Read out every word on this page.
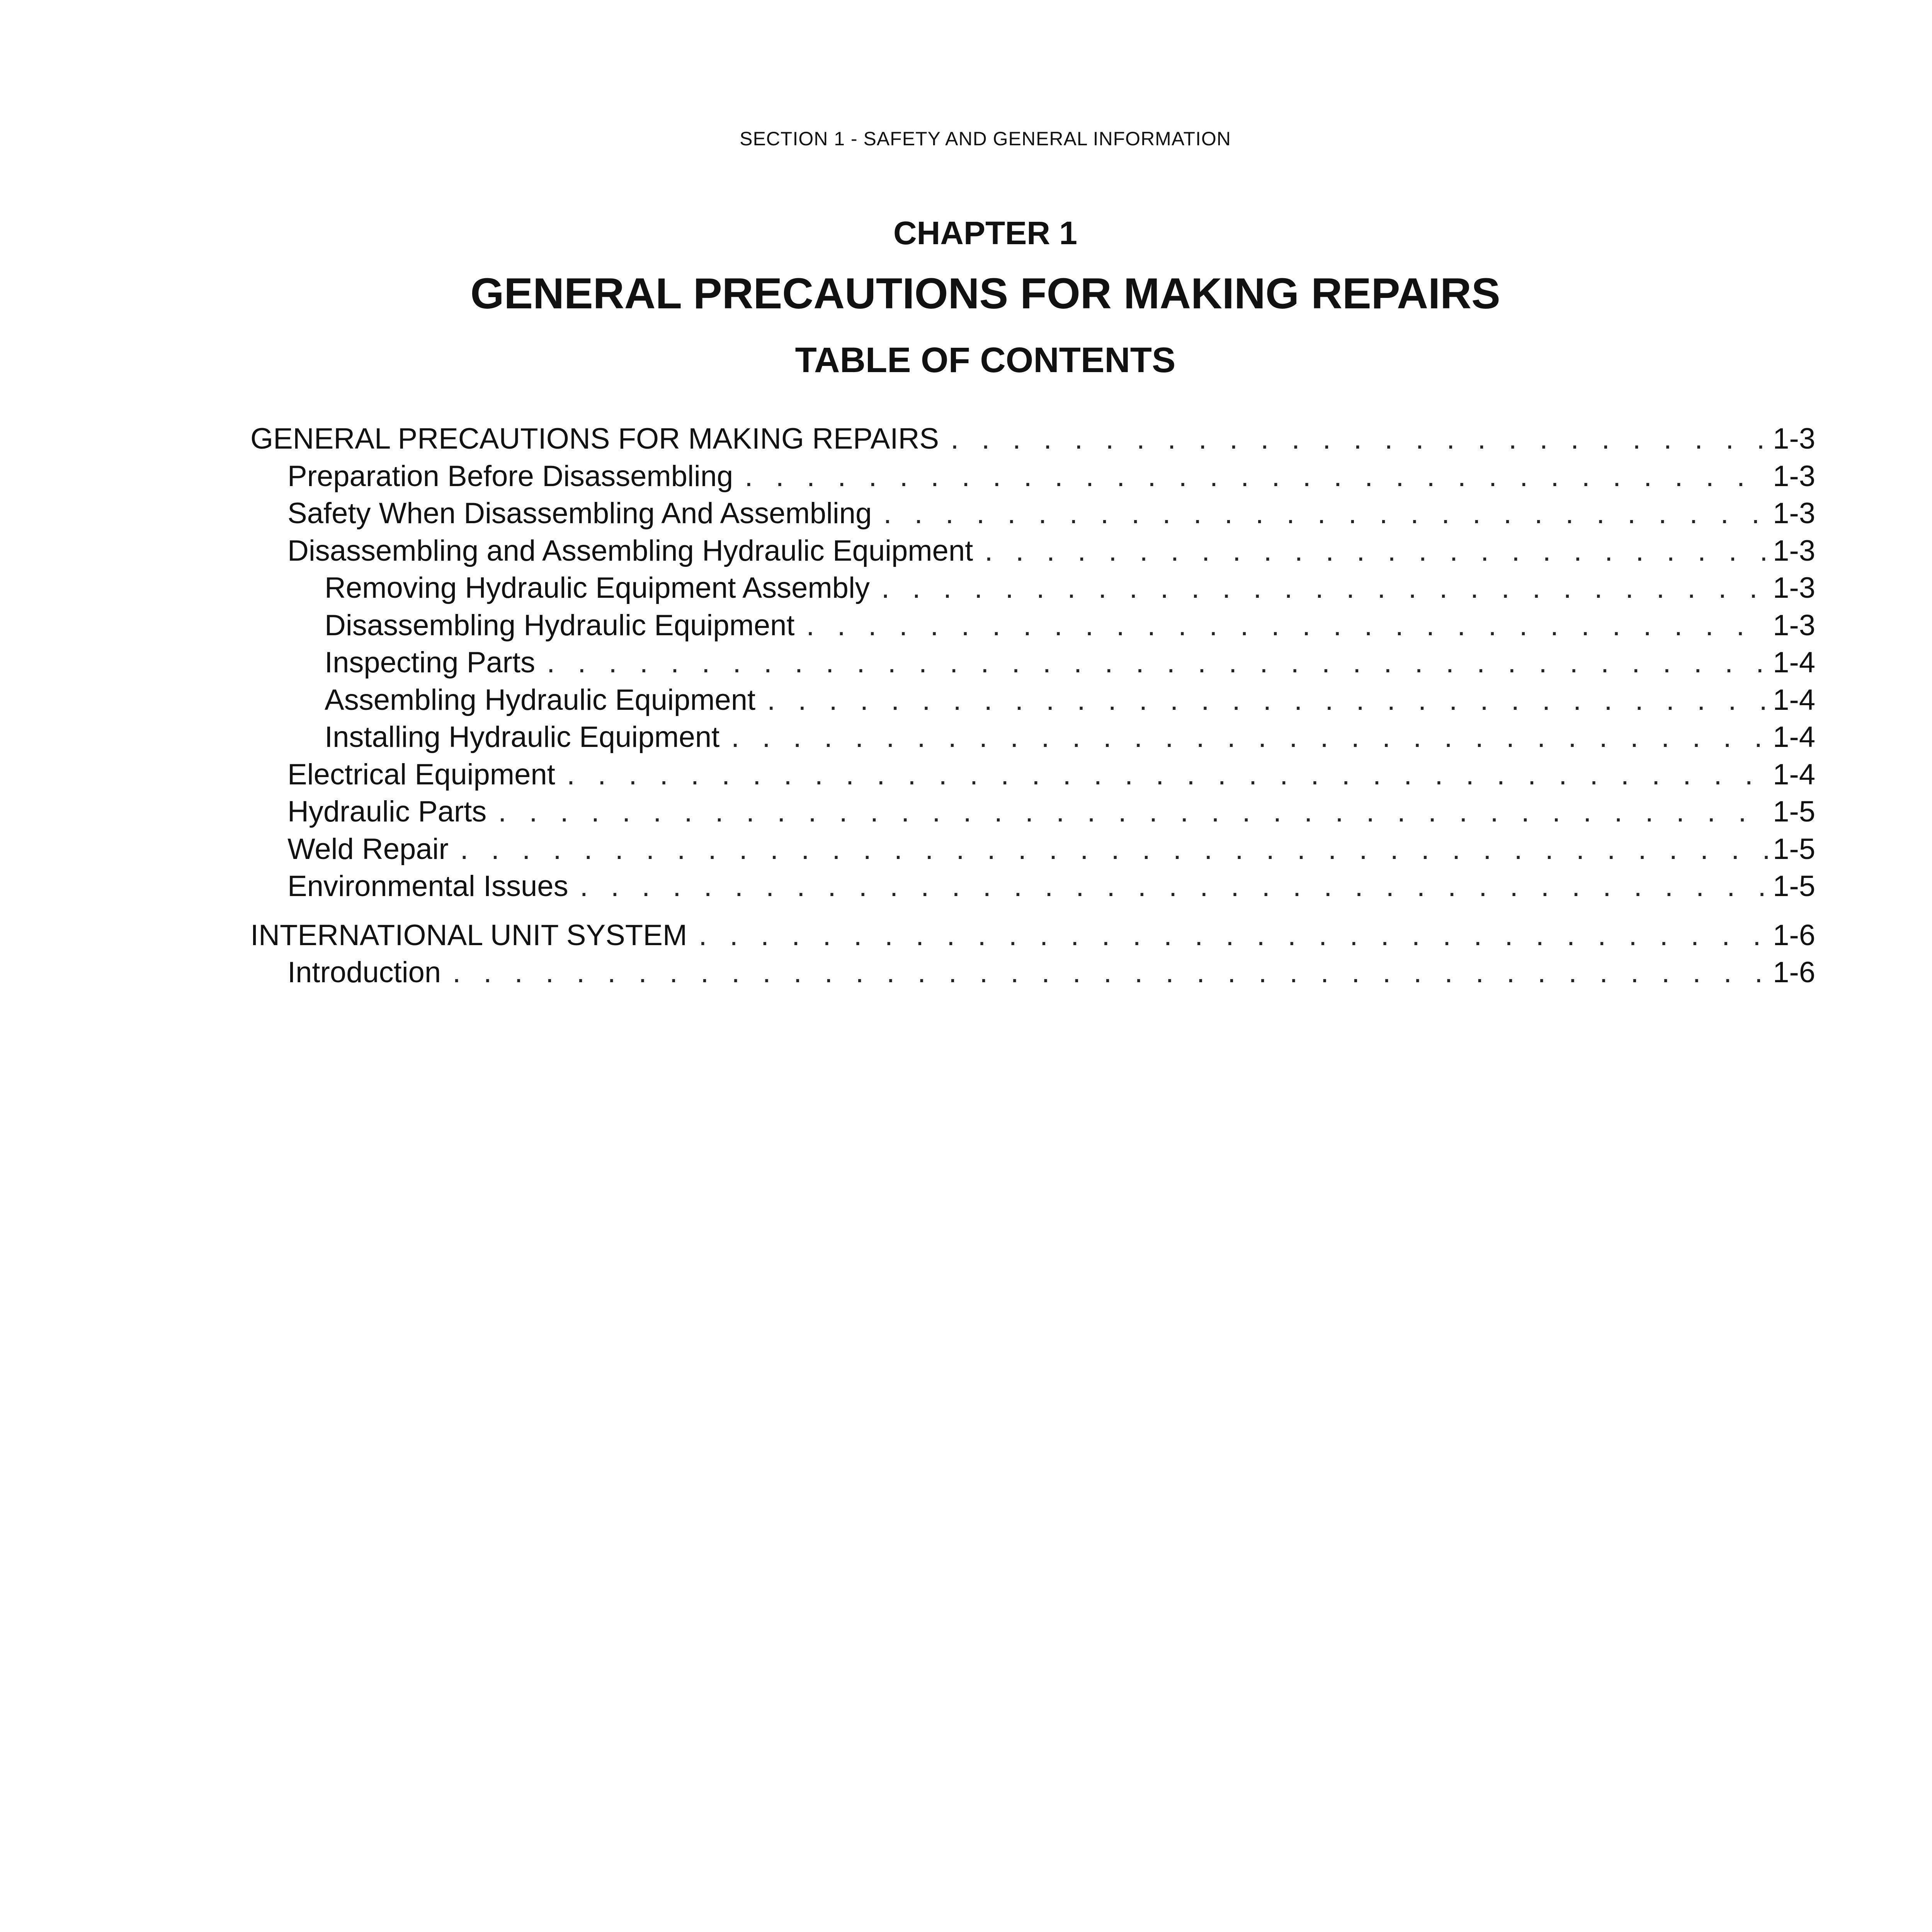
SECTION 1 - SAFETY AND GENERAL INFORMATION
CHAPTER 1
GENERAL PRECAUTIONS FOR MAKING REPAIRS
TABLE OF CONTENTS
GENERAL PRECAUTIONS FOR MAKING REPAIRS . . .	1-3
Preparation Before Disassembling . . .	1-3
Safety When Disassembling And Assembling . . .	1-3
Disassembling and Assembling Hydraulic Equipment . . .	1-3
Removing Hydraulic Equipment Assembly . . .	1-3
Disassembling Hydraulic Equipment . . .	1-3
Inspecting Parts . . .	1-4
Assembling Hydraulic Equipment . . .	1-4
Installing Hydraulic Equipment . . .	1-4
Electrical Equipment . . .	1-4
Hydraulic Parts . . .	1-5
Weld Repair . . .	1-5
Environmental Issues . . .	1-5
INTERNATIONAL UNIT SYSTEM . . .	1-6
Introduction . . .	1-6
